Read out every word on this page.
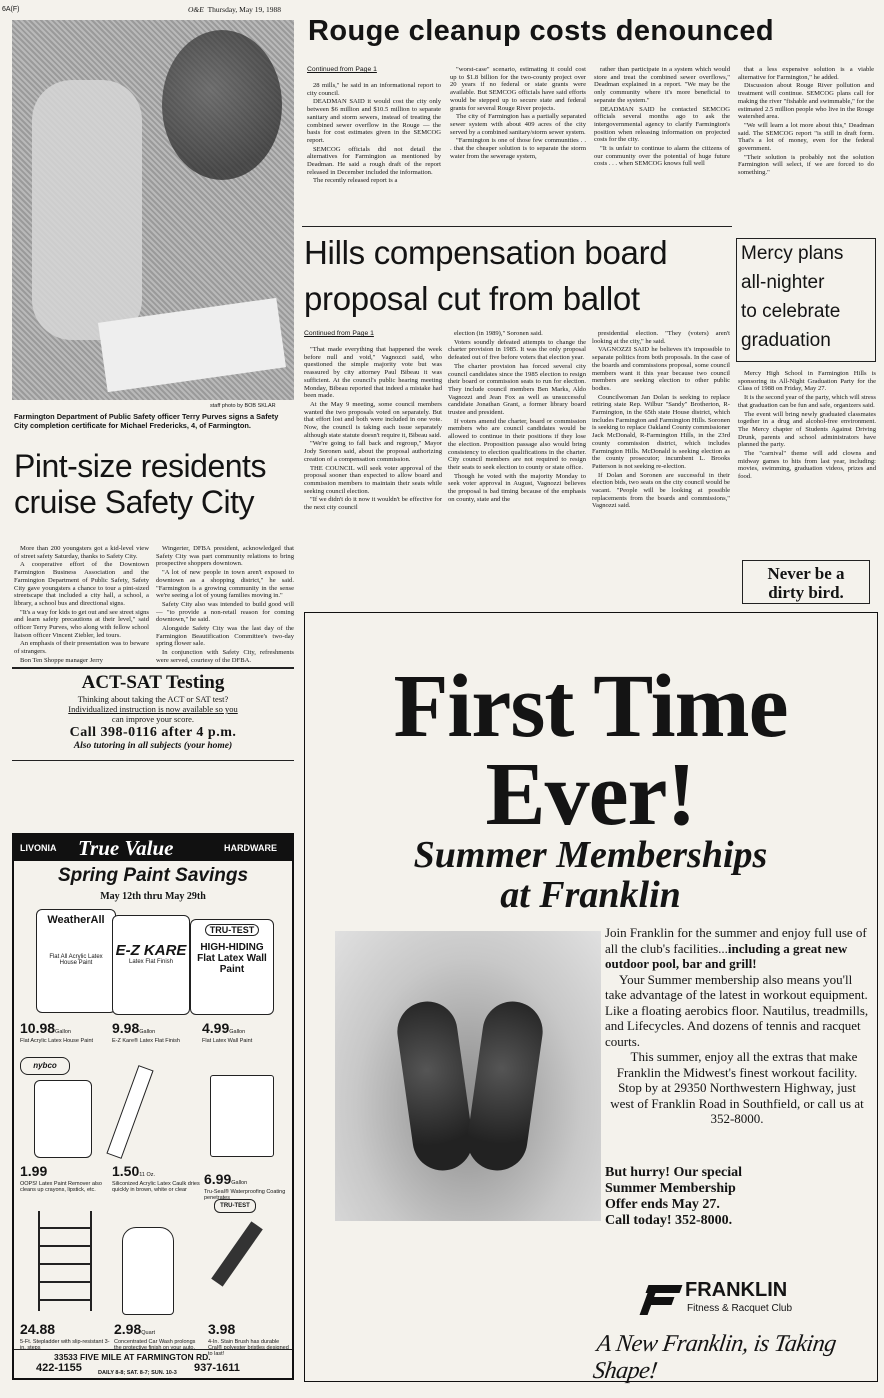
6A(F)	O&E Thursday, May 19, 1988
staff photo by BOB SKLAR
Farmington Department of Public Safety officer Terry Purves signs a Safety City completion certificate for Michael Fredericks, 4, of Farmington.
Pint-size residents
cruise Safety City

More than 200 youngsters got a kid-level view of street safety Saturday, thanks to Safety City.

A cooperative effort of the Downtown Farmington Business Association and the Farmington Department of Public Safety, Safety City gave youngsters a chance to tour a pint-sized streetscape that included a city hall, a school, a library, a school bus and directional signs.

"It's a way for kids to get out and see street signs and learn safety precautions at their level," said officer Terry Purves, who along with fellow school liaison officer Vincent Ziebler, led tours.

An emphasis of their presentation was to beware of strangers.

Bon Ten Shoppe manager Jerry

Wingerter, DFBA president, acknowledged that Safety City was part community relations to bring prospective shoppers downtown.

"A lot of new people in town aren't exposed to downtown as a shopping district," he said. "Farmington is a growing community in the sense we're seeing a lot of young families moving in."

Safety City also was intended to build good will — "to provide a non-retail reason for coming downtown," he said.

Alongside Safety City was the last day of the Farmington Beautification Committee's two-day spring flower sale.

In conjunction with Safety City, refreshments were served, courtesy of the DFBA.

ACT-SAT Testing
Thinking about taking the ACT or SAT test?
Individualized instruction is now available so you
can improve your score.
Call 398-0116 after 4 p.m.
Also tutoring in all subjects (your home)
LIVONIA True Value	HARDWARE
Spring Paint Savings
May 12th thru May 29th
WeatherAll
Flat All Acrylic Latex House Paint
E-Z KARE
Latex Flat Finish
TRU-TEST
HIGH-HIDING Flat Latex Wall Paint
10.98Gallon
Flat Acrylic Latex House Paint
9.98Gallon
E-Z Kare® Latex Flat Finish
4.99Gallon
Flat Latex Wall Paint
nybco
1.99
OOPS! Latex Paint Remover also cleans up crayons, lipstick, etc.
1.5011 Oz.
Siliconized Acrylic Latex Caulk dries quickly in brown, white or clear
6.99Gallon
Tru-Seal® Waterproofing Coating penetrates
TRU-TEST
24.88
5-Ft. Stepladder with slip-resistant 3-in. steps
2.98Quart
Concentrated Car Wash prolongs the protective finish on your auto.
3.98
4-In. Stain Brush has durable Cral® polyester bristles designed to last!
33533 FIVE MILE AT FARMINGTON RD.
422-1155	937-1611
DAILY 8-8; SAT. 8-7; SUN. 10-3
Rouge cleanup costs denounced
Continued from Page 1

28 mills," he said in an informational report to city council.

DEADMAN SAID it would cost the city only between $6 million and $10.5 million to separate sanitary and storm sewers, instead of treating the combined sewer overflow in the Rouge — the basis for cost estimates given in the SEMCOG report.

SEMCOG officials did not detail the alternatives for Farmington as mentioned by Deadman. He said a rough draft of the report released in December included the information.

The recently released report is a

"worst-case" scenario, estimating it could cost up to $1.8 billion for the two-county project over 20 years if no federal or state grants were available. But SEMCOG officials have said efforts would be stepped up to secure state and federal grants for several Rouge River projects.

The city of Farmington has a partially separated sewer system with about 409 acres of the city served by a combined sanitary/storm sewer system.

"Farmington is one of those few communities . . . that the cheaper solution is to separate the storm water from the sewerage system,

rather than participate in a system which would store and treat the combined sewer overflows," Deadman explained in a report. "We may be the only community where it's more beneficial to separate the system."

DEADMAN SAID he contacted SEMCOG officials several months ago to ask the intergovernmental agency to clarify Farmington's position when releasing information on projected costs for the city.

"It is unfair to continue to alarm the citizens of our community over the potential of huge future costs . . . when SEMCOG knows full well

that a less expensive solution is a viable alternative for Farmington," he added.

Discussion about Rouge River pollution and treatment will continue. SEMCOG plans call for making the river "fishable and swimmable," for the estimated 2.5 million people who live in the Rouge watershed area.

"We will learn a lot more about this," Deadman said. The SEMCOG report "is still in draft form. That's a lot of money, even for the federal government.

"Their solution is probably not the solution Farmington will select, if we are forced to do something."

Hills compensation board
proposal cut from ballot
Continued from Page 1

"That made everything that happened the week before null and void," Vagnozzi said, who questioned the simple majority vote but was reassured by city attorney Paul Bibeau it was sufficient. At the council's public hearing meeting Monday, Bibeau reported that indeed a mistake had been made.

At the May 9 meeting, some council members wanted the two proposals voted on separately. But that effort lost and both were included in one vote. Now, the council is taking each issue separately although state statute doesn't require it, Bibeau said.

"We're going to fall back and regroup," Mayor Jody Soronen said, about the proposal authorizing creation of a compensation commission.

THE COUNCIL will seek voter approval of the proposal sooner than expected to allow board and commission members to maintain their seats while seeking council election.

"If we didn't do it now it wouldn't be effective for the next city council

election (in 1989)," Soronen said.

Voters soundly defeated attempts to change the charter provision in 1985. It was the only proposal defeated out of five before voters that election year.

The charter provision has forced several city council candidates since the 1985 election to resign their board or commission seats to run for election. They include council members Ben Marks, Aldo Vagnozzi and Jean Fox as well as unsuccessful candidate Jonathan Grant, a former library board trustee and president.

If voters amend the charter, board or commission members who are council candidates would be allowed to continue in their positions if they lose the election. Proposition passage also would bring consistency to election qualifications in the charter. City council members are not required to resign their seats to seek election to county or state office.

Though he voted with the majority Monday to seek voter approval in August, Vagnozzi believes the proposal is bad timing because of the emphasis on county, state and the

presidential election. "They (voters) aren't looking at the city," he said.

VAGNOZZI SAID he believes it's impossible to separate politics from both proposals. In the case of the boards and commissions proposal, some council members want it this year because two council members are seeking election to other public bodies.

Councilwoman Jan Dolan is seeking to replace retiring state Rep. Wilbur "Sandy" Brotherton, R-Farmington, in the 65th state House district, which includes Farmington and Farmington Hills. Soronen is seeking to replace Oakland County commissioner Jack McDonald, R-Farmington Hills, in the 23rd county commission district, which includes Farmington Hills. McDonald is seeking election as the county prosecutor; incumbent L. Brooks Patterson is not seeking re-election.

If Dolan and Soronen are successful in their election bids, two seats on the city council would be vacant. "People will be looking at possible replacements from the boards and commissions," Vagnozzi said.

Mercy plans
all-nighter
to celebrate
graduation

Mercy High School in Farmington Hills is sponsoring its All-Night Graduation Party for the Class of 1988 on Friday, May 27.

It is the second year of the party, which will stress that graduation can be fun and safe, organizers said.

The event will bring newly graduated classmates together in a drug and alcohol-free environment. The Mercy chapter of Students Against Driving Drunk, parents and school administrators have planned the party.

The "carnival" theme will add clowns and midway games to hits from last year, including: movies, swimming, graduation videos, prizes and food.

Never be a
dirty bird.
First Time
Ever!
Summer Memberships
at Franklin
Join Franklin for the summer and enjoy full use of all the club's facilities...including a great new outdoor pool, bar and grill!
Your Summer membership also means you'll take advantage of the latest in workout equipment. Like a floating aerobics floor. Nautilus, treadmills, and Lifecycles. And dozens of tennis and racquet courts.
This summer, enjoy all the extras that make Franklin the Midwest's finest workout facility. Stop by at 29350 Northwestern Highway, just west of Franklin Road in Southfield, or call us at 352-8000.
But hurry! Our special
Summer Membership
Offer ends May 27.
Call today! 352-8000.
FRANKLIN
Fitness & Racquet Club
A New Franklin, is Taking Shape!
